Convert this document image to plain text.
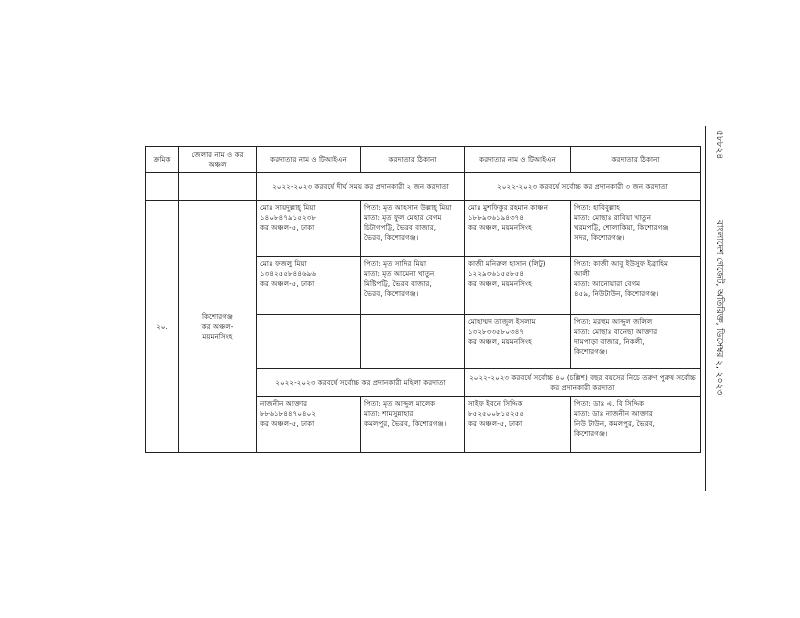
৫৮৮২৪
বাংলাদেশ গেজেট, অতিরিক্ত, ডিসেম্বর ২, ২০২৩
ক্রমিক	জেলার নাম ও কর অঞ্চল	করদাতার নাম ও টিআইএন	করদাতার ঠিকানা	করদাতার নাম ও টিআইএন	করদাতার ঠিকানা
		২০২২-২০২৩ করবর্ষে দীর্ঘ সময় কর প্রদানকারী ২ জন করদাতা		২০২২-২০২৩ করবর্ষে সর্বোচ্চ কর প্রদানকারী ৩ জন করদাতা	
২০.	কিশোরগঞ্জ
কর অঞ্চল-
ময়মনসিংহ	মোঃ সায়দুল্লাহ্ মিয়া
১৪০৮৪৭৯১৫২৩৮
কর অঞ্চল-৫, ঢাকা	পিতা: মৃত আহসান উল্লাহ্ মিয়া
মাতা: মৃত ফুল মেহার বেগম
চিটাগপট্টি, ভৈরব বাজার,
ভৈরব, কিশোরগঞ্জ।	মোঃ মুশফিকুর রহমান কাঞ্চন
১৮৮৯৩৬১৯৪৩৭৪
কর অঞ্চল, ময়মনসিংহ	পিতা: হাবিবুল্লাহ
মাতা: মোছাঃ রাবিয়া খাতুন
খরমপট্টি, শোলাকিয়া, কিশোরগঞ্জ
সদর, কিশোরগঞ্জ।

		মোঃ ফজলু মিয়া
১৩৪২৫৫৮৪৪৬৯৬
কর অঞ্চল-৫, ঢাকা	পিতা: মৃত সাদির মিয়া
মাতা: মৃত আমেনা খাতুন
মিষ্টিপট্টি, ভৈরব বাজার,
ভৈরব, কিশোরগঞ্জ।	কাজী মনিরুল হাসান (লিটু)
১২২৯৩৬১৫৫৮৫৪
কর অঞ্চল, ময়মনসিংহ	পিতা: কাজী আবু ইউসুফ ইব্রাহিম
আলী
মাতা: আনোয়ারা বেগম
৪৫৯, নিউটাউন, কিশোরগঞ্জ।

				মোহাম্মদ তাজুল ইসলাম
১৩২৮৩৩৫৮০৩৪৭
কর অঞ্চল, ময়মনসিংহ	পিতা: মরহুম আব্দুল জলিল
মাতা: মোছাঃ বানেছা আক্তার
দামপাড়া বাজার, নিকলী,
কিশোরগঞ্জ।

		২০২২-২০২৩ করবর্ষে সর্বোচ্চ কর প্রদানকারী মহিলা করদাতা		২০২২-২০২৩ করবর্ষে সর্বোচ্চ ৪০ (চল্লিশ) বছর বয়সের নিচে তরুণ পুরুষ সর্বোচ্চ কর প্রদানকারী করদাতা	

		নাজনীন আক্তার
৮৮৬১৮৪৪৭০৪০২
কর অঞ্চল-৫, ঢাকা	পিতা: মৃত আব্দুল মালেক
মাতা: শামসুন্নাহার
কমলপুর, ভৈরব, কিশোরগঞ্জ।	সাইফ ইবনে সিদ্দিক
৮৫২৫০০৮১৫২৫৫
কর অঞ্চল-৫, ঢাকা	পিতা: ডাঃ এ. বি সিদ্দিক
মাতা: ডাঃ নাজনীন আক্তার
নিউ টাউন, কমলপুর, ভৈরব,
কিশোরগঞ্জ।
